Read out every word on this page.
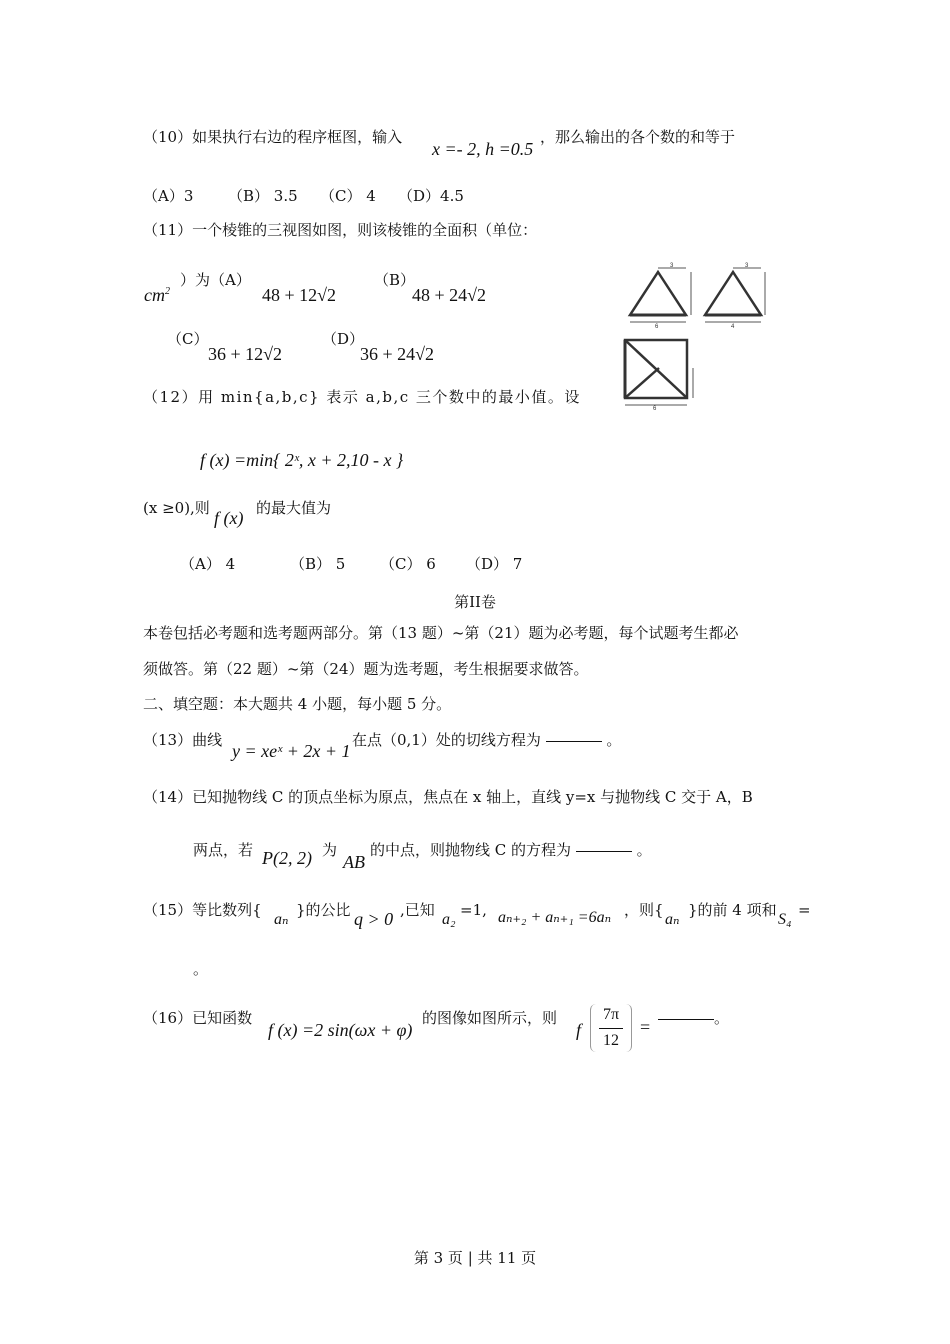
（10）如果执行右边的程序框图，输入
x =- 2, h =0.5
，那么输出的各个数的和等于
（A）3 （B） 3.5 （C） 4 （D）4.5
（11）一个棱锥的三视图如图，则该棱锥的全面积（单位：
$cm^2$
）为（A）
48 + 12√2
（B）
48 + 24√2
（C）
36 + 12√2
（D）
36 + 24√2
3	3
6	4
6
（12）用 min{a,b,c} 表示 a,b,c 三个数中的最小值。设
f (x) =min{ 2ˣ, x + 2,10 - x }
(x ≥0),则 f (x) 的最大值为
（A） 4	（B） 5 （C） 6 （D） 7
第II卷
本卷包括必考题和选考题两部分。第（13 题）~第（21）题为必考题，每个试题考生都必
须做答。第（22 题）~第（24）题为选考题，考生根据要求做答。
二、填空题：本大题共 4 小题，每小题 5 分。
（13）曲线
y = xeˣ + 2x + 1
在点（0,1）处的切线方程为	。
（14）已知抛物线 C 的顶点坐标为原点，焦点在 x 轴上，直线 y=x 与抛物线 C 交于 A，B
两点，若 P(2, 2) 为
AB
的中点，则抛物线 C 的方程为	。
（15）等比数列{
aₙ
}的公比 q > 0 ,已知
a₂
=1, aₙ₊₂ + aₙ₊₁ =6aₙ ，则{
aₙ
}的前 4 项和
S₄
=
。
（16）已知函数
f (x) =2 sin(ωx + φ)
的图像如图所示，则
f
7π
12
=	。
第 3 页 | 共 11 页
